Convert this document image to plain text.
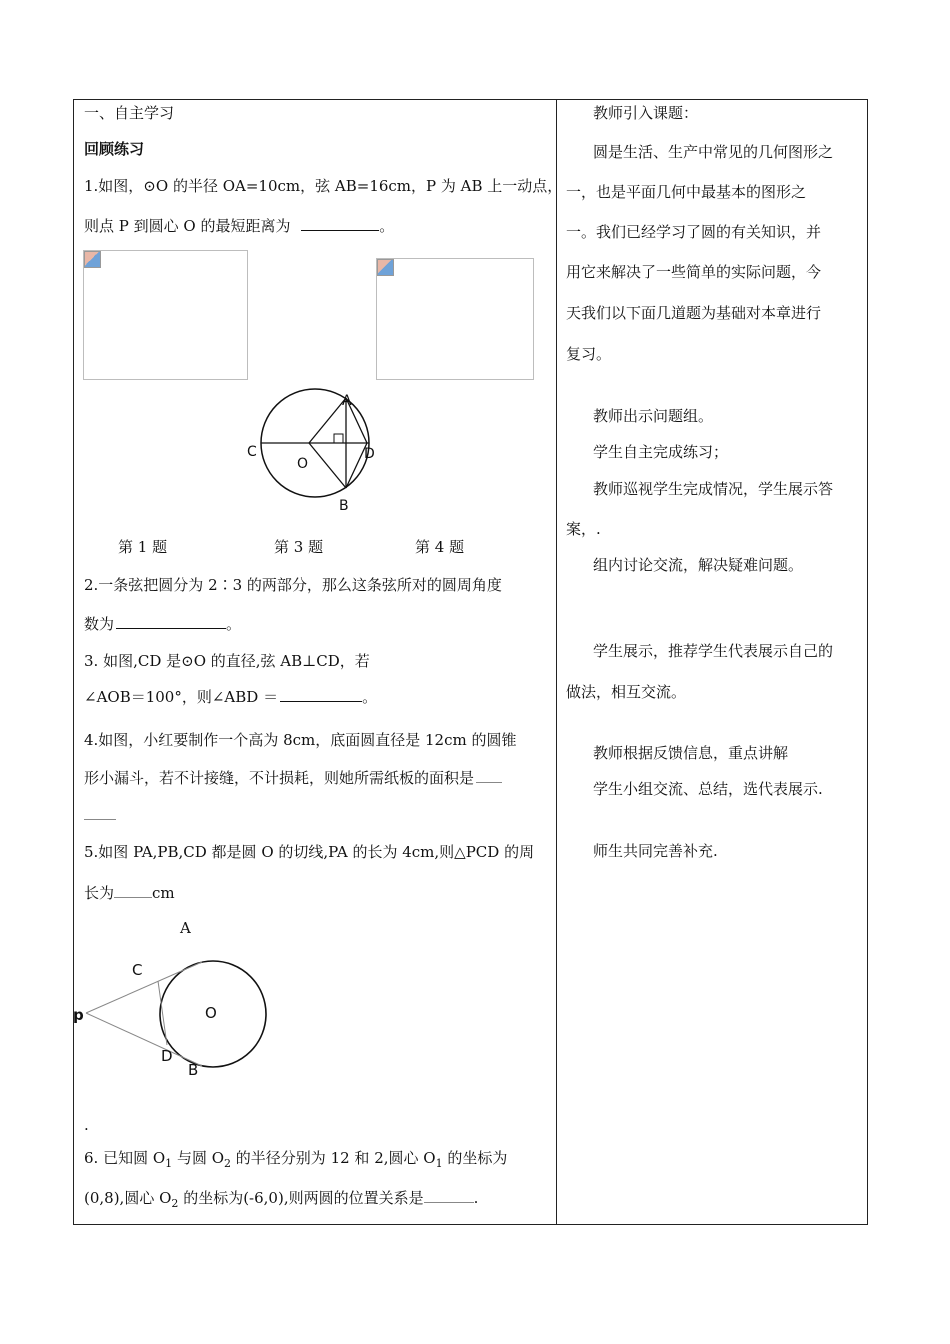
一、自主学习
回顾练习
1.如图，⊙O 的半径 OA=10cm，弦 AB=16cm，P 为 AB 上一动点，
则点 P 到圆心 O 的最短距离为	。
A
C
O
D
B
第 1 题	第 3 题	第 4 题
2.一条弦把圆分为 2∶3 的两部分，那么这条弦所对的圆周角度
数为	。
3. 如图,CD 是⊙O 的直径,弦 AB⊥CD，若
∠AOB＝100°，则∠ABD ＝	。
4.如图，小红要制作一个高为 8cm，底面圆直径是 12cm 的圆锥
形小漏斗，若不计接缝，不计损耗，则她所需纸板的面积是
5.如图 PA,PB,CD 都是圆 O 的切线,PA 的长为 4cm,则△PCD 的周
长为	cm
A
C
p	O
D
B
.
6. 已知圆 $O_1$ 与圆 $O_2$ 的半径分别为 12 和 2,圆心 $O_1$ 的坐标为
(0,8),圆心 $O_2$ 的坐标为(-6,0),则两圆的位置关系是	.
教师引入课题：
圆是生活、生产中常见的几何图形之
一，也是平面几何中最基本的图形之
一。我们已经学习了圆的有关知识，并
用它来解决了一些简单的实际问题，今
天我们以下面几道题为基础对本章进行
复习。
教师出示问题组。
学生自主完成练习；
教师巡视学生完成情况，学生展示答
案，.
组内讨论交流，解决疑难问题。
学生展示，推荐学生代表展示自己的
做法，相互交流。
教师根据反馈信息，重点讲解
学生小组交流、总结，选代表展示.
师生共同完善补充.
